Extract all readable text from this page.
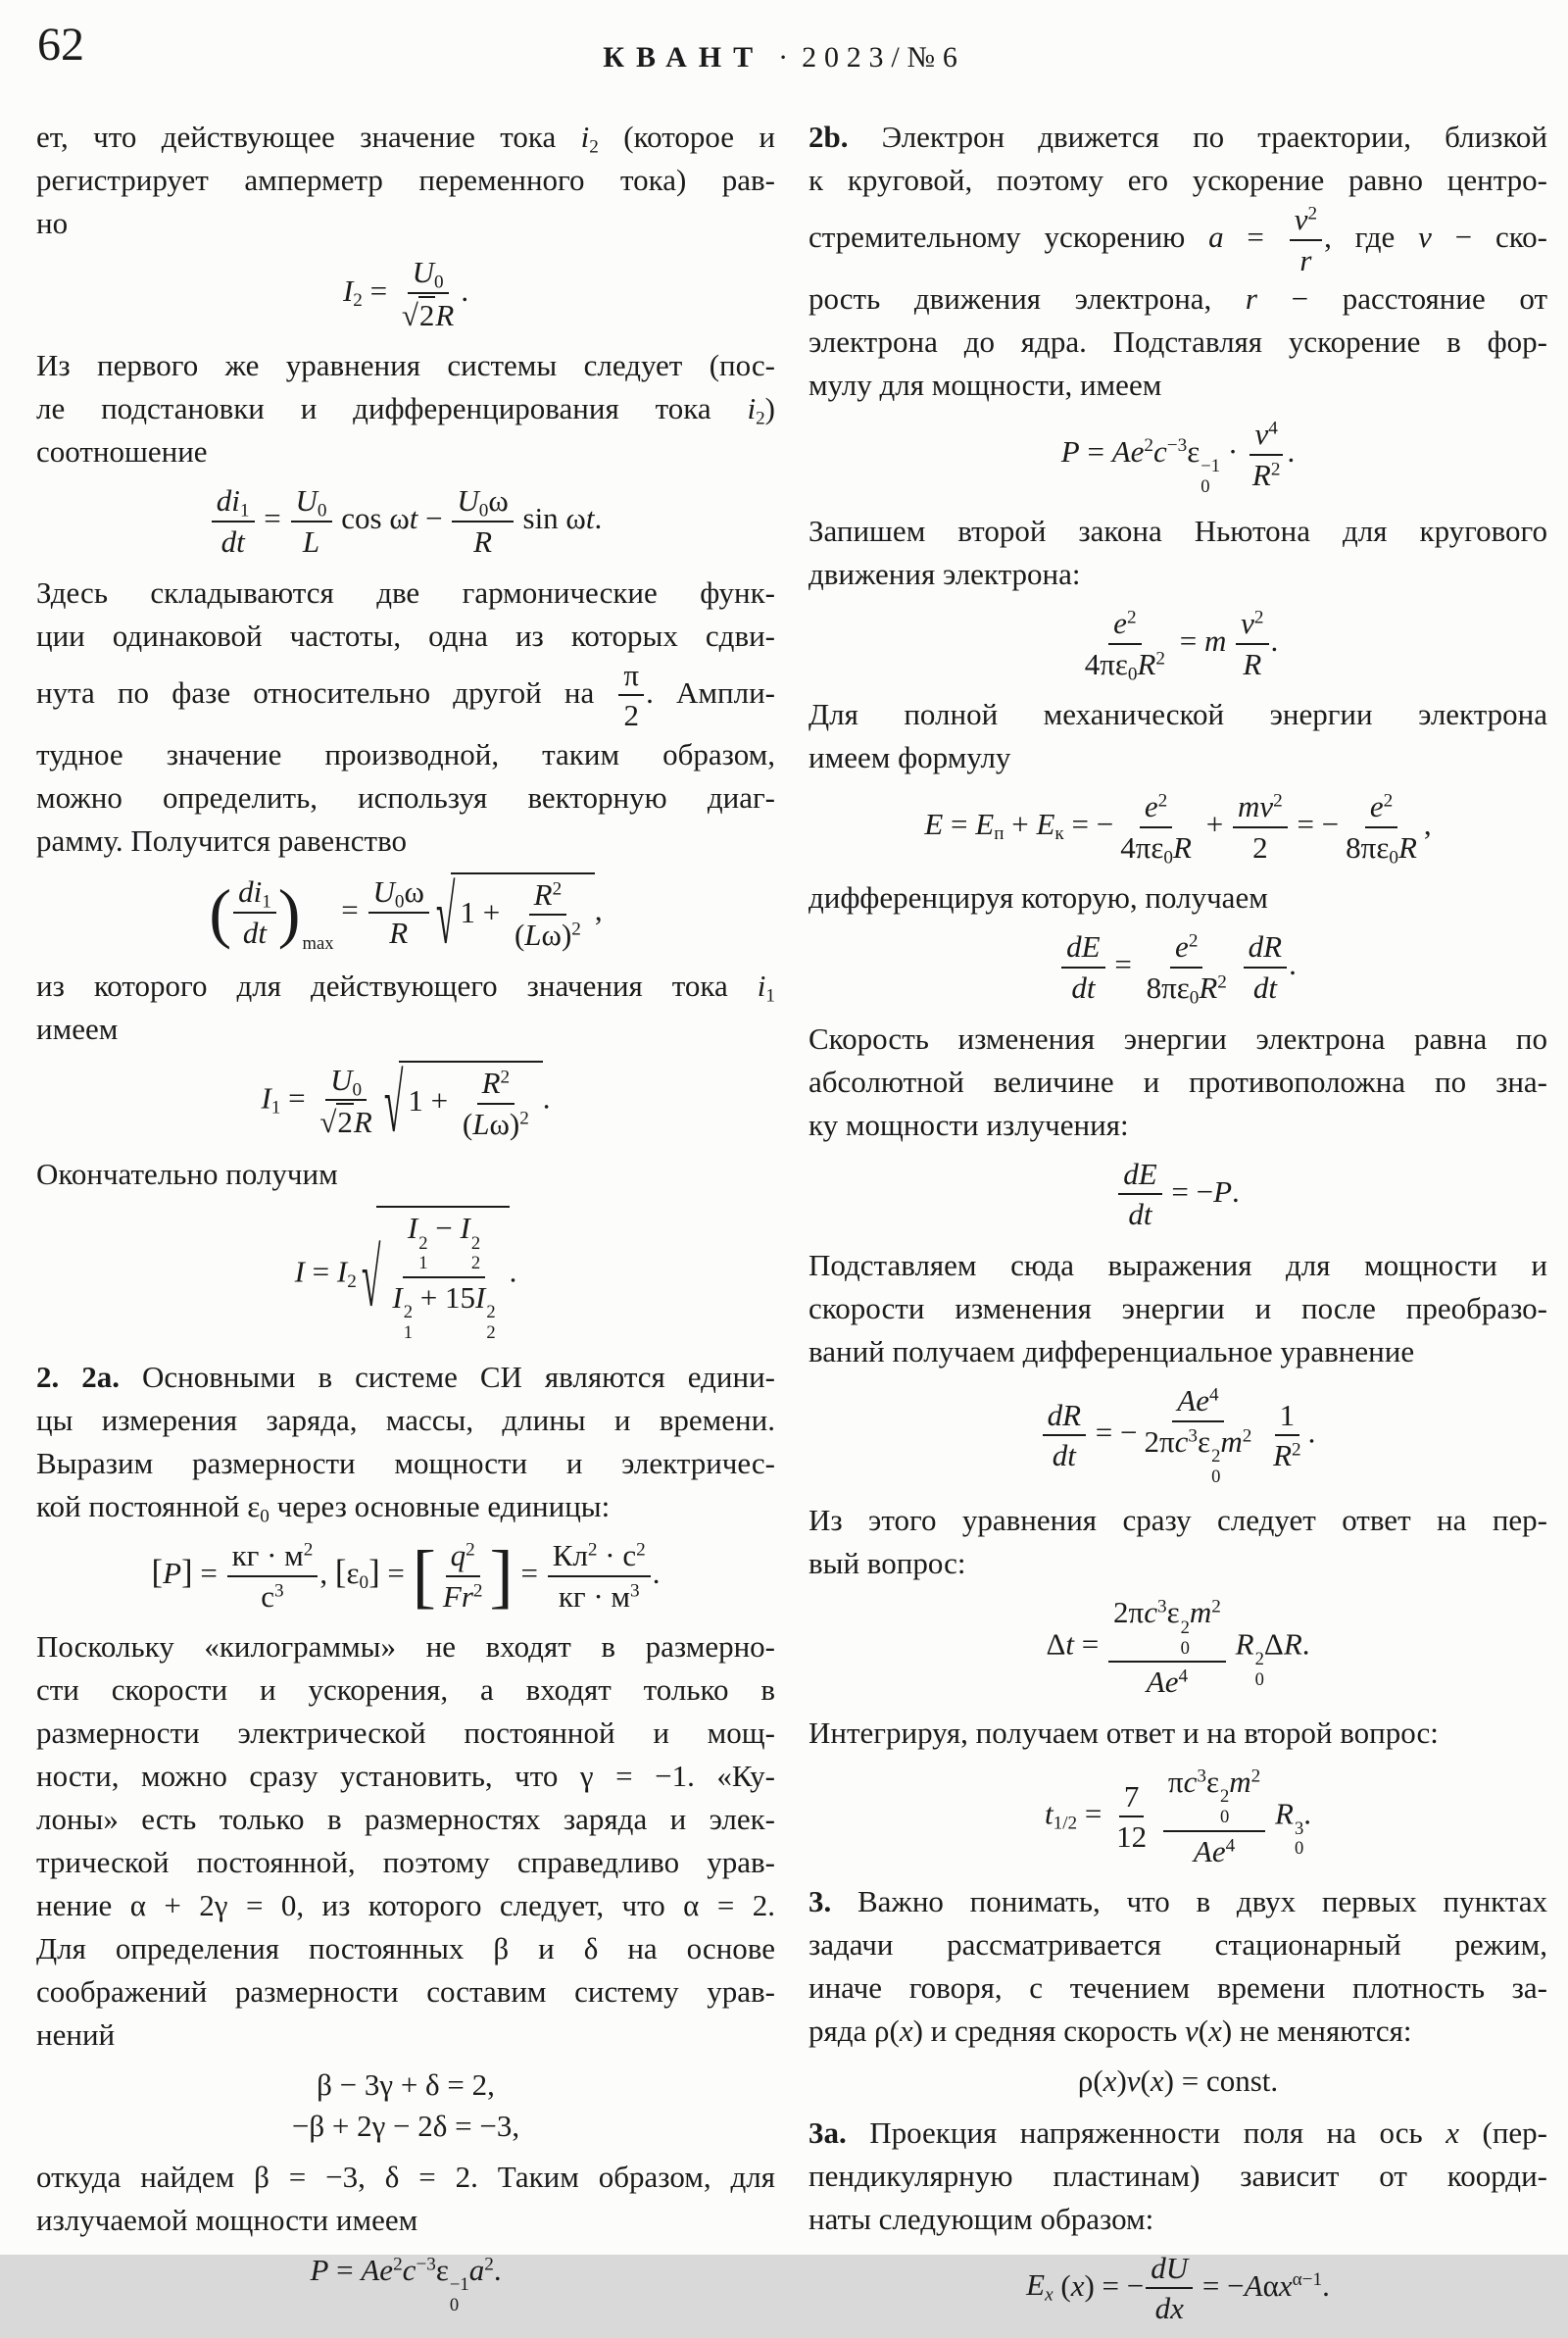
62	КВАНТ · 2023/№6
ет, что действующее значение тока $i_2$ (которое и
регистрирует амперметр переменного тока) рав-
но
$I_2 = \frac{U_0}{√2R}$ .
Из первого же уравнения системы следует (пос-
ле подстановки и дифференцирования тока $i_2$)
соотношение
$\frac{di_1}{dt} = \frac{U_0}{L}$ $\cos \omega t - \frac{U_0\omega}{R}$ sin ωt.
Здесь складываются две гармонические функ-
ции одинаковой частоты, одна из которых сдви-
нута по фазе относительно другой на $\frac{\pi}{2}$ . Ампли-
тудное значение производной, таким образом,
можно определить, используя векторную диаг-
рамму. Получится равенство
( $\frac{di_1}{dt}$ ) $_{max} = \frac{U_0\omega}{R}$ √ $1 + \frac{R^2}{(L\omega)^2}$ ,
из которого для действующего значения тока $i_1$
имеем
$I_1 = \frac{U_0}{√2R}$ √ $1 + \frac{R^2}{(L\omega)^2}$ .
Окончательно получим
$I = I_2$ √ I 2
1
− I 2
2
I 2
1
+ 15I 2
2 .
2. 2а. Основными в системе СИ являются едини-
цы измерения заряда, массы, длины и времени.
Выразим размерности мощности и электричес-
кой постоянной $\varepsilon_0$ через основные единицы:
[P] =
кг · $м^2$
$с^3$
, $[\varepsilon_0]$ = [ $\frac{q^2}{Fr^2}$ ] =
$Кл^2 \cdot с^2$
кг · $м^3$
.
Поскольку «килограммы» не входят в размерно-
сти скорости и ускорения, а входят только в
размерности электрической постоянной и мощ-
ности, можно сразу установить, что γ = −1. «Ку-
лоны» есть только в размерностях заряда и элек-
трической постоянной, поэтому справедливо урав-
нение α + 2γ = 0, из которого следует, что α = 2.
Для определения постоянных β и δ на основе
соображений размерности составим систему урав-
нений
β − 3γ + δ = 2,
−β + 2γ − 2δ = −3,
откуда найдем β = −3, δ = 2. Таким образом, для
излучаемой мощности имеем
$P = Ae^2c^{-3}\varepsilon -1$
0
$a^2$.
2b. Электрон движется по траектории, близкой
к круговой, поэтому его ускорение равно центро-
стремительному ускорению $a = \frac{v^2}{r}$ , где v − ско-
рость движения электрона, r − расстояние от
электрона до ядра. Подставляя ускорение в фор-
мулу для мощности, имеем
$P = Ae^2c^{-3}\varepsilon -1$
0
· $\frac{v^4}{R^2}$ .
Запишем второй закона Ньютона для кругового
движения электрона:
$\frac{e^2}{4\pi\varepsilon_0R^2} = m \frac{v^2}{R}$ .
Для полной механической энергии электрона
имеем формулу
$E = E_п + E_к$ = − $\frac{e^2}{4\pi\varepsilon_0R} + \frac{mv^2}{2}$ = − $\frac{e^2}{8\pi\varepsilon_0R}$ ,
дифференцируя которую, получаем
$\frac{dE}{dt} = \frac{e^2}{8\pi\varepsilon_0R^2}$
$\frac{dR}{dt}$ .
Скорость изменения энергии электрона равна по
абсолютной величине и противоположна по зна-
ку мощности излучения:
$\frac{dE}{dt} = -P$.
Подставляем сюда выражения для мощности и
скорости изменения энергии и после преобразо-
ваний получаем дифференциальное уравнение
$\frac{dR}{dt}$ = − $Ae^4$
$2\pi c^3\varepsilon$ 2
0
$m^2$
$\frac{1}{R^2}$ .
Из этого уравнения сразу следует ответ на пер-
вый вопрос:
$\Delta t = 2\pi c^3\varepsilon$ 2
0
$m^2$
Ae$^4$ R 2
0
ΔR.
Интегрируя, получаем ответ и на второй вопрос:
$t_{1/2} = \frac{7}{12}$
$\pi c^3\varepsilon$ 2
0
$m^2$
Ae$^4$ R 3
0
.
3. Важно понимать, что в двух первых пунктах
задачи рассматривается стационарный режим,
иначе говоря, с течением времени плотность за-
ряда ρ(x) и средняя скорость v(x) не меняются:
ρ(x)v(x) = const.
3а. Проекция напряженности поля на ось x (пер-
пендикулярную пластинам) зависит от коорди-
наты следующим образом:
$E_x$ (x) = − $\frac{dU}{dx} = -A\alpha x^{\alpha-1}$.
